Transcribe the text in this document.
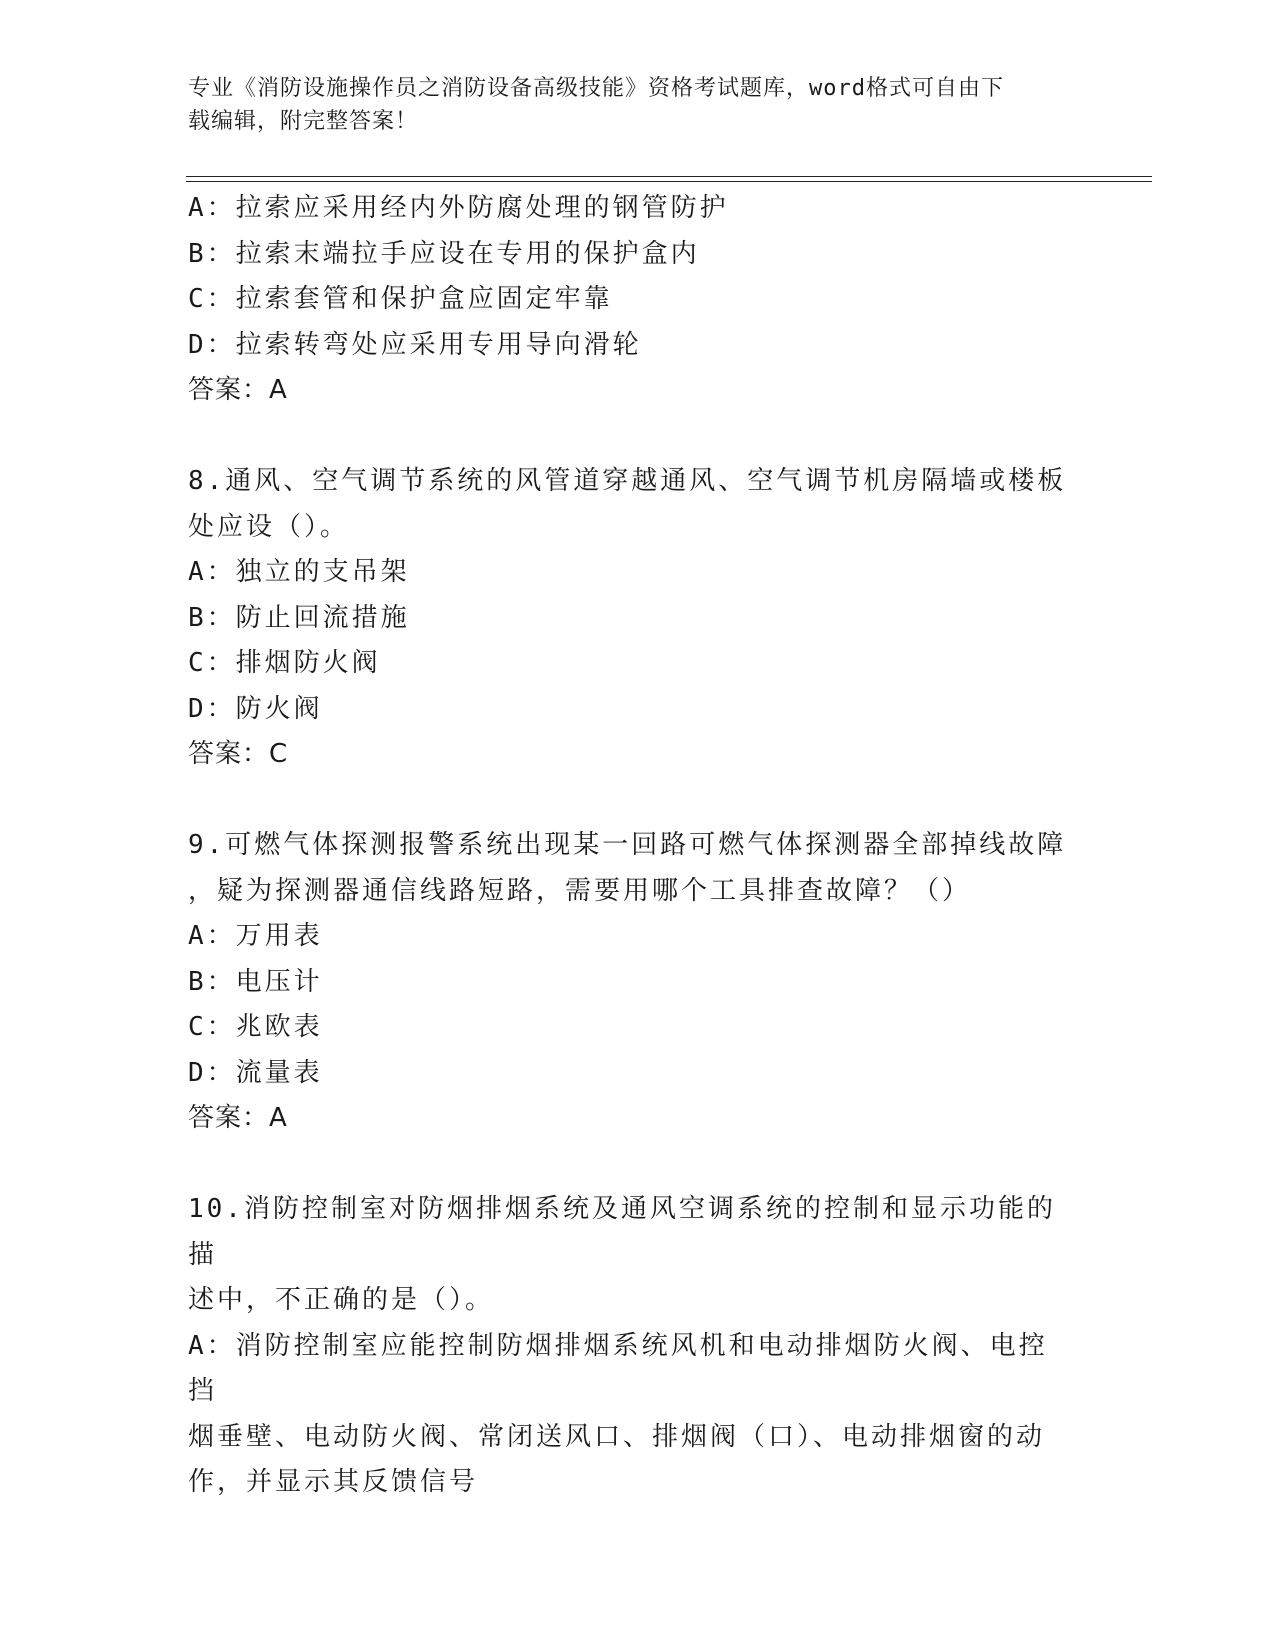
专业《消防设施操作员之消防设备高级技能》资格考试题库，word格式可自由下
载编辑，附完整答案！
A：拉索应采用经内外防腐处理的钢管防护
B：拉索末端拉手应设在专用的保护盒内
C：拉索套管和保护盒应固定牢靠
D：拉索转弯处应采用专用导向滑轮
答案：A
8.通风、空气调节系统的风管道穿越通风、空气调节机房隔墙或楼板
处应设（）。
A：独立的支吊架
B：防止回流措施
C：排烟防火阀
D：防火阀
答案：C
9.可燃气体探测报警系统出现某一回路可燃气体探测器全部掉线故障
，疑为探测器通信线路短路，需要用哪个工具排查故障？（）
A：万用表
B：电压计
C：兆欧表
D：流量表
答案：A
10.消防控制室对防烟排烟系统及通风空调系统的控制和显示功能的描
述中，不正确的是（）。
A：消防控制室应能控制防烟排烟系统风机和电动排烟防火阀、电控挡
烟垂壁、电动防火阀、常闭送风口、排烟阀（口）、电动排烟窗的动
作，并显示其反馈信号
